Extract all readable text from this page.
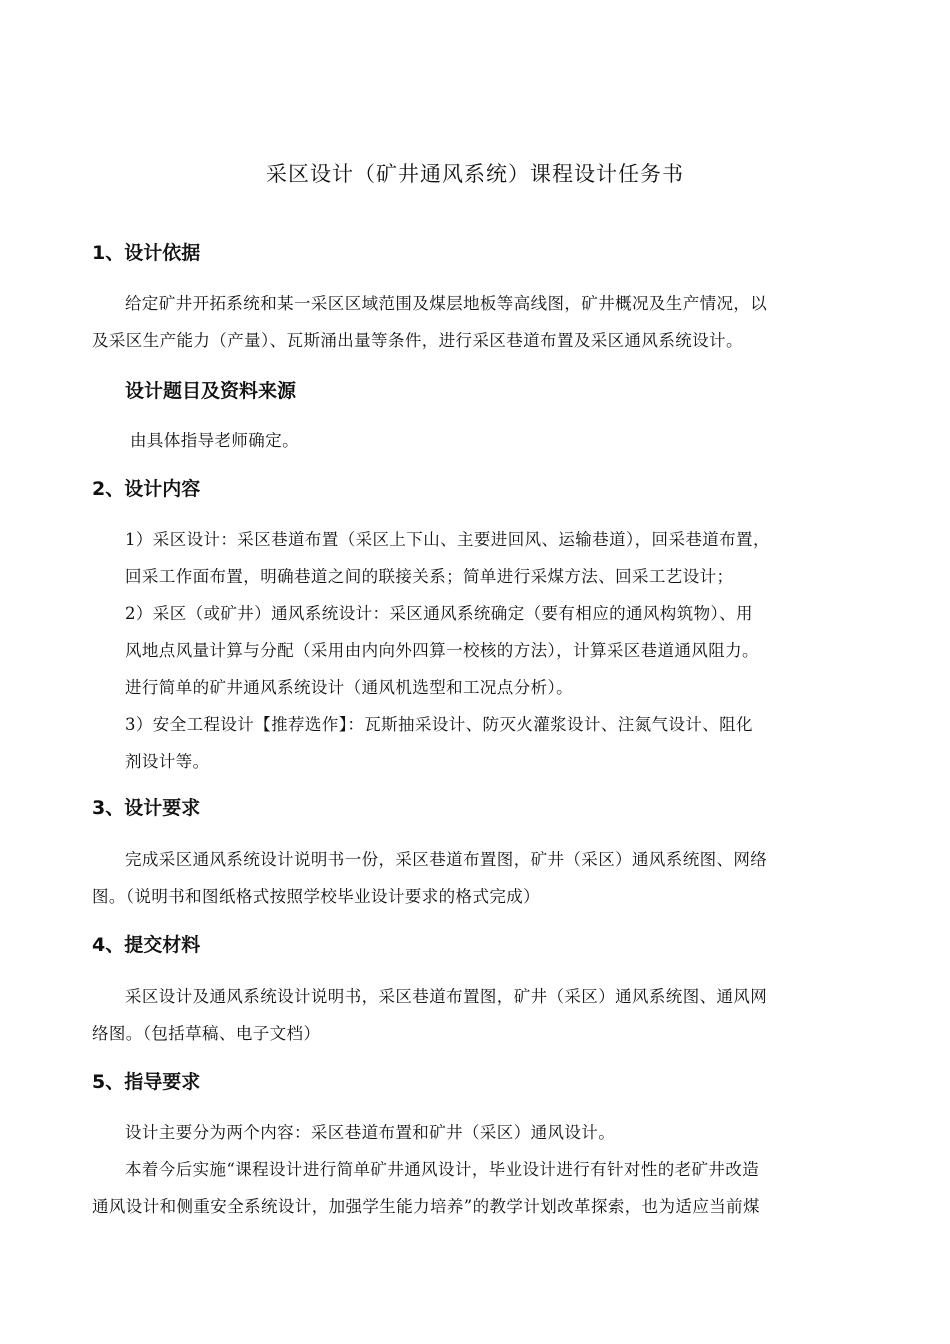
采区设计（矿井通风系统）课程设计任务书
1、设计依据
给定矿井开拓系统和某一采区区域范围及煤层地板等高线图，矿井概况及生产情况，以
及采区生产能力（产量）、瓦斯涌出量等条件，进行采区巷道布置及采区通风系统设计。
设计题目及资料来源
由具体指导老师确定。
2、设计内容
1）采区设计：采区巷道布置（采区上下山、主要进回风、运输巷道），回采巷道布置，
回采工作面布置，明确巷道之间的联接关系；简单进行采煤方法、回采工艺设计；
2）采区（或矿井）通风系统设计：采区通风系统确定（要有相应的通风构筑物）、用
风地点风量计算与分配（采用由内向外四算一校核的方法），计算采区巷道通风阻力。
进行简单的矿井通风系统设计（通风机选型和工况点分析）。
3）安全工程设计【推荐选作】：瓦斯抽采设计、防灭火灌浆设计、注氮气设计、阻化
剂设计等。
3、设计要求
完成采区通风系统设计说明书一份，采区巷道布置图，矿井（采区）通风系统图、网络
图。（说明书和图纸格式按照学校毕业设计要求的格式完成）
4、提交材料
采区设计及通风系统设计说明书，采区巷道布置图，矿井（采区）通风系统图、通风网
络图。（包括草稿、电子文档）
5、指导要求
设计主要分为两个内容：采区巷道布置和矿井（采区）通风设计。
本着今后实施“课程设计进行简单矿井通风设计，毕业设计进行有针对性的老矿井改造
通风设计和侧重安全系统设计，加强学生能力培养”的教学计划改革探索，也为适应当前煤
